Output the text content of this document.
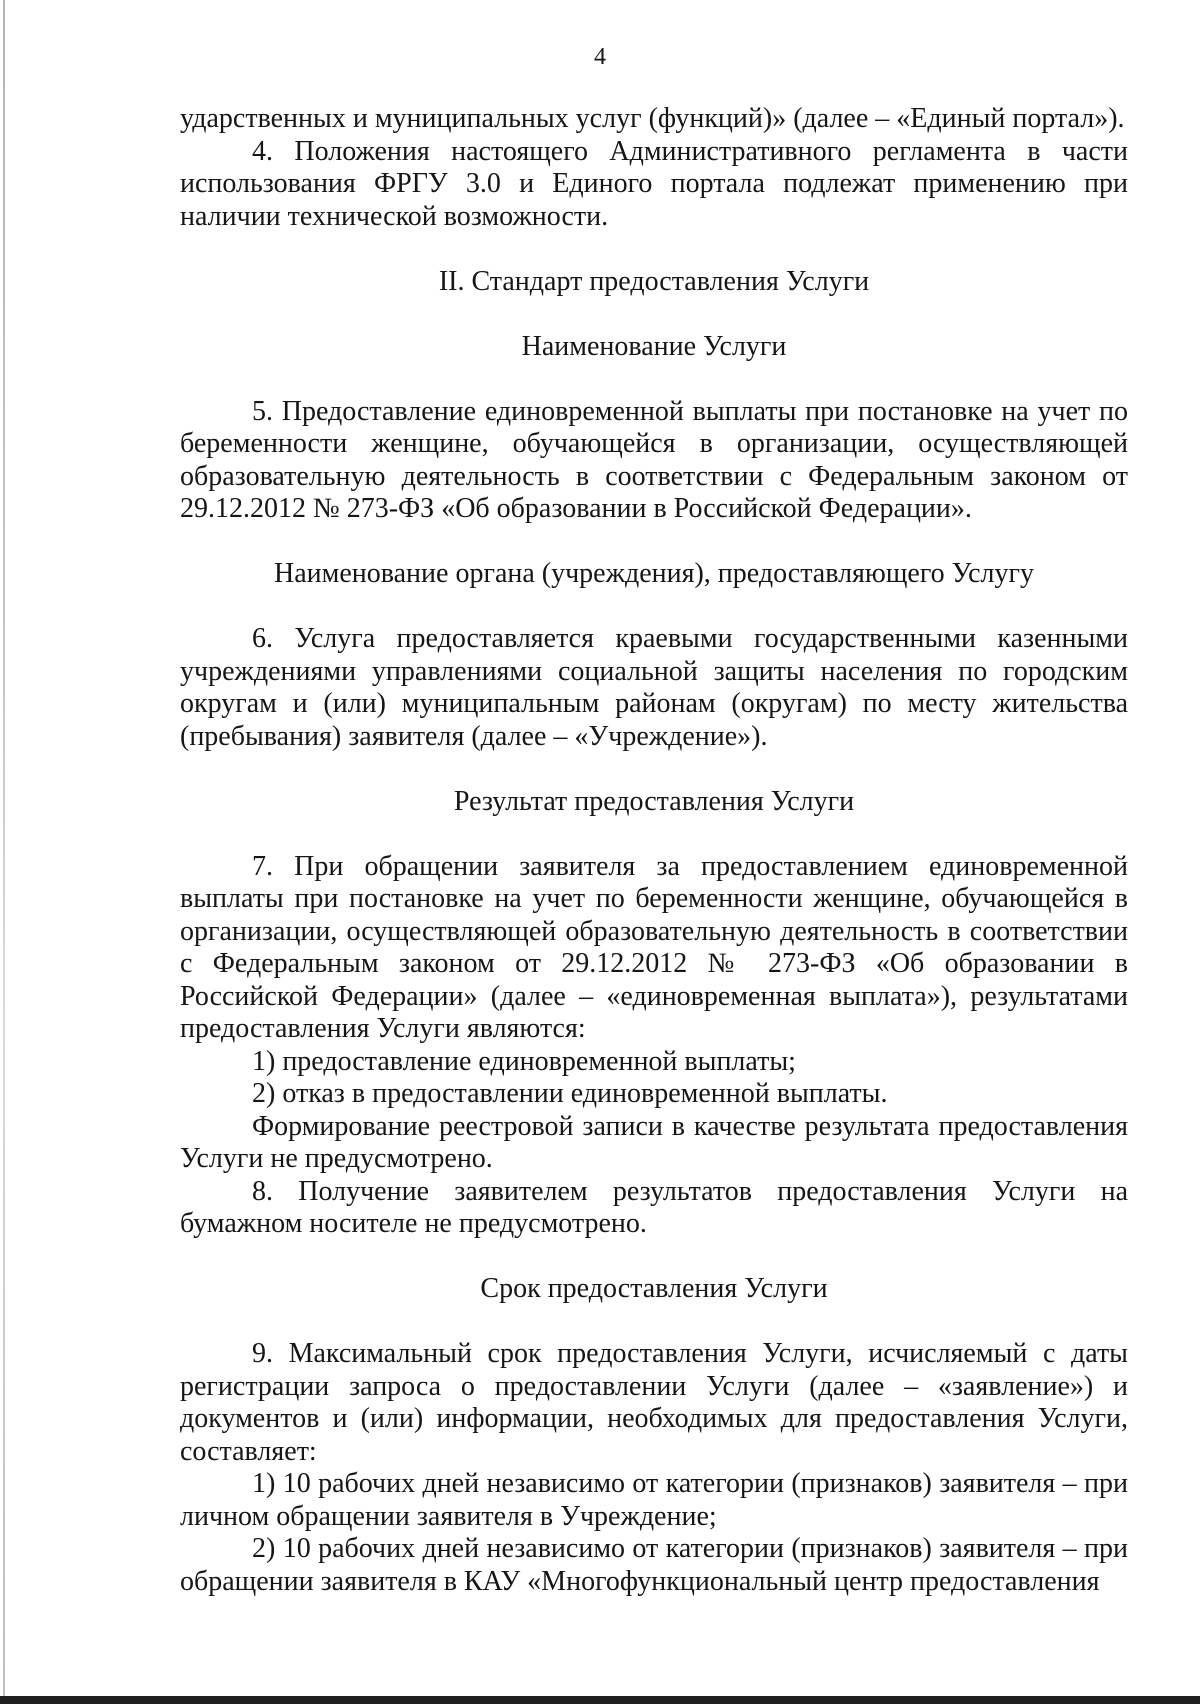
4

ударственных и муниципальных услуг (функций)» (далее – «Единый портал»).

4. Положения настоящего Административного регламента в части использования ФРГУ 3.0 и Единого портала подлежат применению при наличии технической возможности.

II. Стандарт предоставления Услуги

Наименование Услуги

5. Предоставление единовременной выплаты при постановке на учет по беременности женщине, обучающейся в организации, осуществляющей образовательную деятельность в соответствии с Федеральным законом от 29.12.2012 № 273-ФЗ «Об образовании в Российской Федерации».

Наименование органа (учреждения), предоставляющего Услугу

6. Услуга предоставляется краевыми государственными казенными учреждениями управлениями социальной защиты населения по городским округам и (или) муниципальным районам (округам) по месту жительства (пребывания) заявителя (далее – «Учреждение»).

Результат предоставления Услуги

7. При обращении заявителя за предоставлением единовременной выплаты при постановке на учет по беременности женщине, обучающейся в организации, осуществляющей образовательную деятельность в соответствии с Федеральным законом от 29.12.2012 № 273-ФЗ «Об образовании в Российской Федерации» (далее – «единовременная выплата»), результатами предоставления Услуги являются:

1) предоставление единовременной выплаты;

2) отказ в предоставлении единовременной выплаты.

Формирование реестровой записи в качестве результата предоставления Услуги не предусмотрено.

8. Получение заявителем результатов предоставления Услуги на бумажном носителе не предусмотрено.

Срок предоставления Услуги

9. Максимальный срок предоставления Услуги, исчисляемый с даты регистрации запроса о предоставлении Услуги (далее – «заявление») и документов и (или) информации, необходимых для предоставления Услуги, составляет:

1) 10 рабочих дней независимо от категории (признаков) заявителя – при личном обращении заявителя в Учреждение;

2) 10 рабочих дней независимо от категории (признаков) заявителя – при обращении заявителя в КАУ «Многофункциональный центр предоставления
